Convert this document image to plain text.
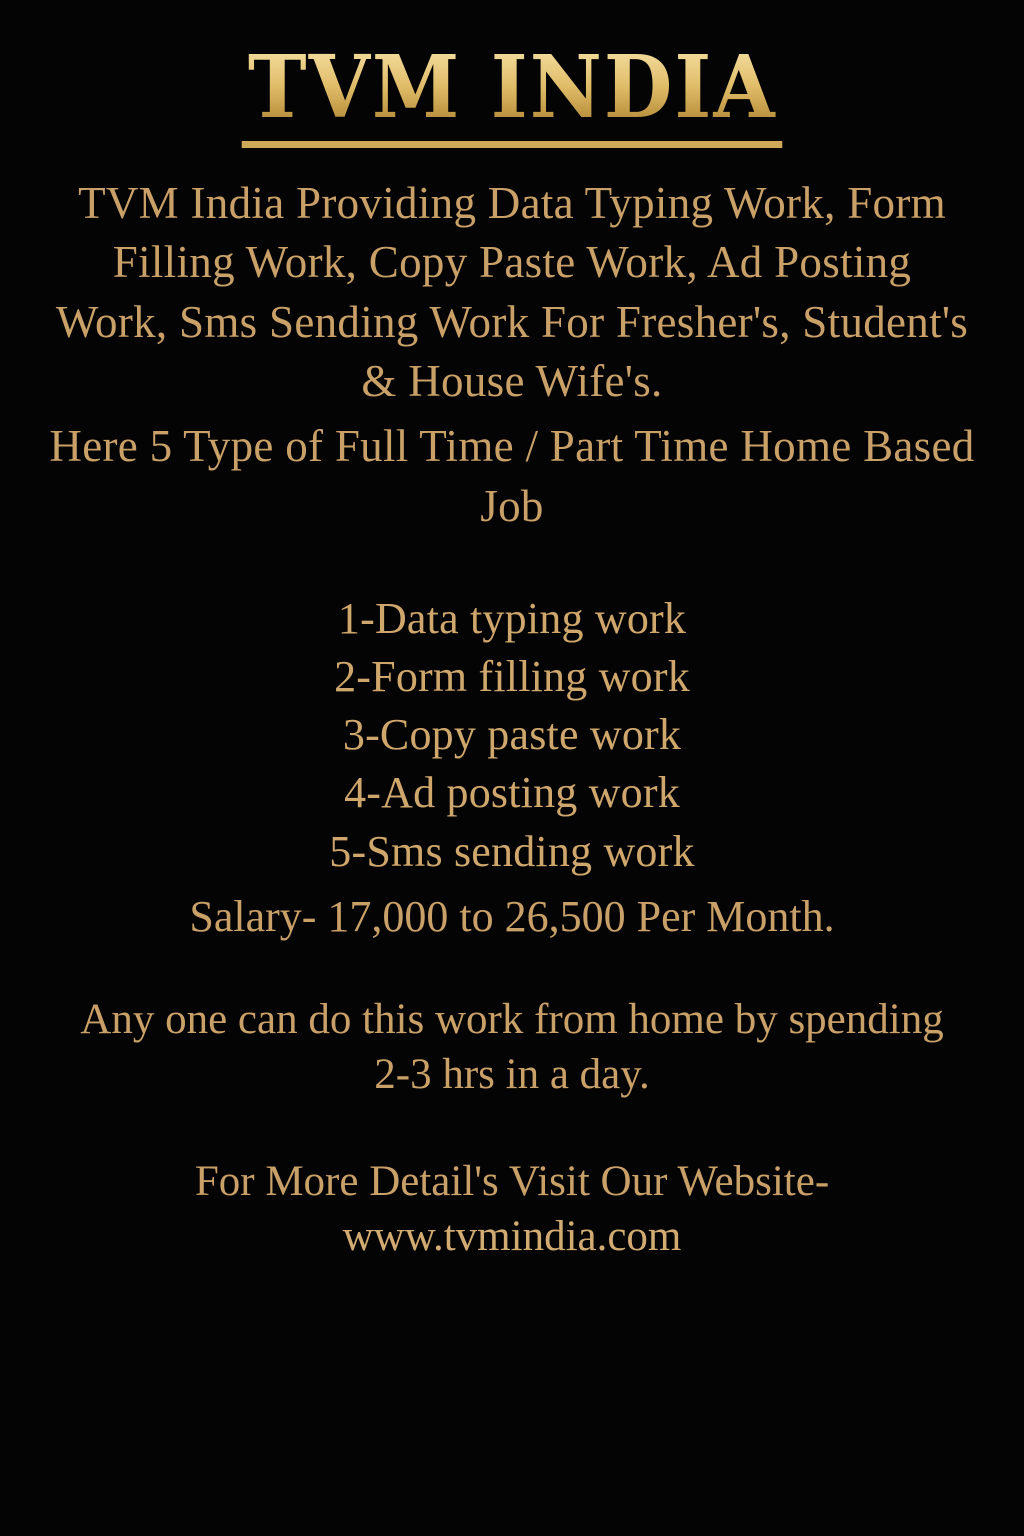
TVM INDIA

TVM India Providing Data Typing Work, Form Filling Work, Copy Paste Work, Ad Posting Work, Sms Sending Work For Fresher's, Student's & House Wife's.

Here 5 Type of Full Time / Part Time Home Based Job

1-Data typing work
2-Form filling work
3-Copy paste work
4-Ad posting work
5-Sms sending work
Salary- 17,000 to 26,500 Per Month.
Any one can do this work from home by spending 2-3 hrs in a day.
For More Detail's Visit Our Website-
www.tvmindia.com
